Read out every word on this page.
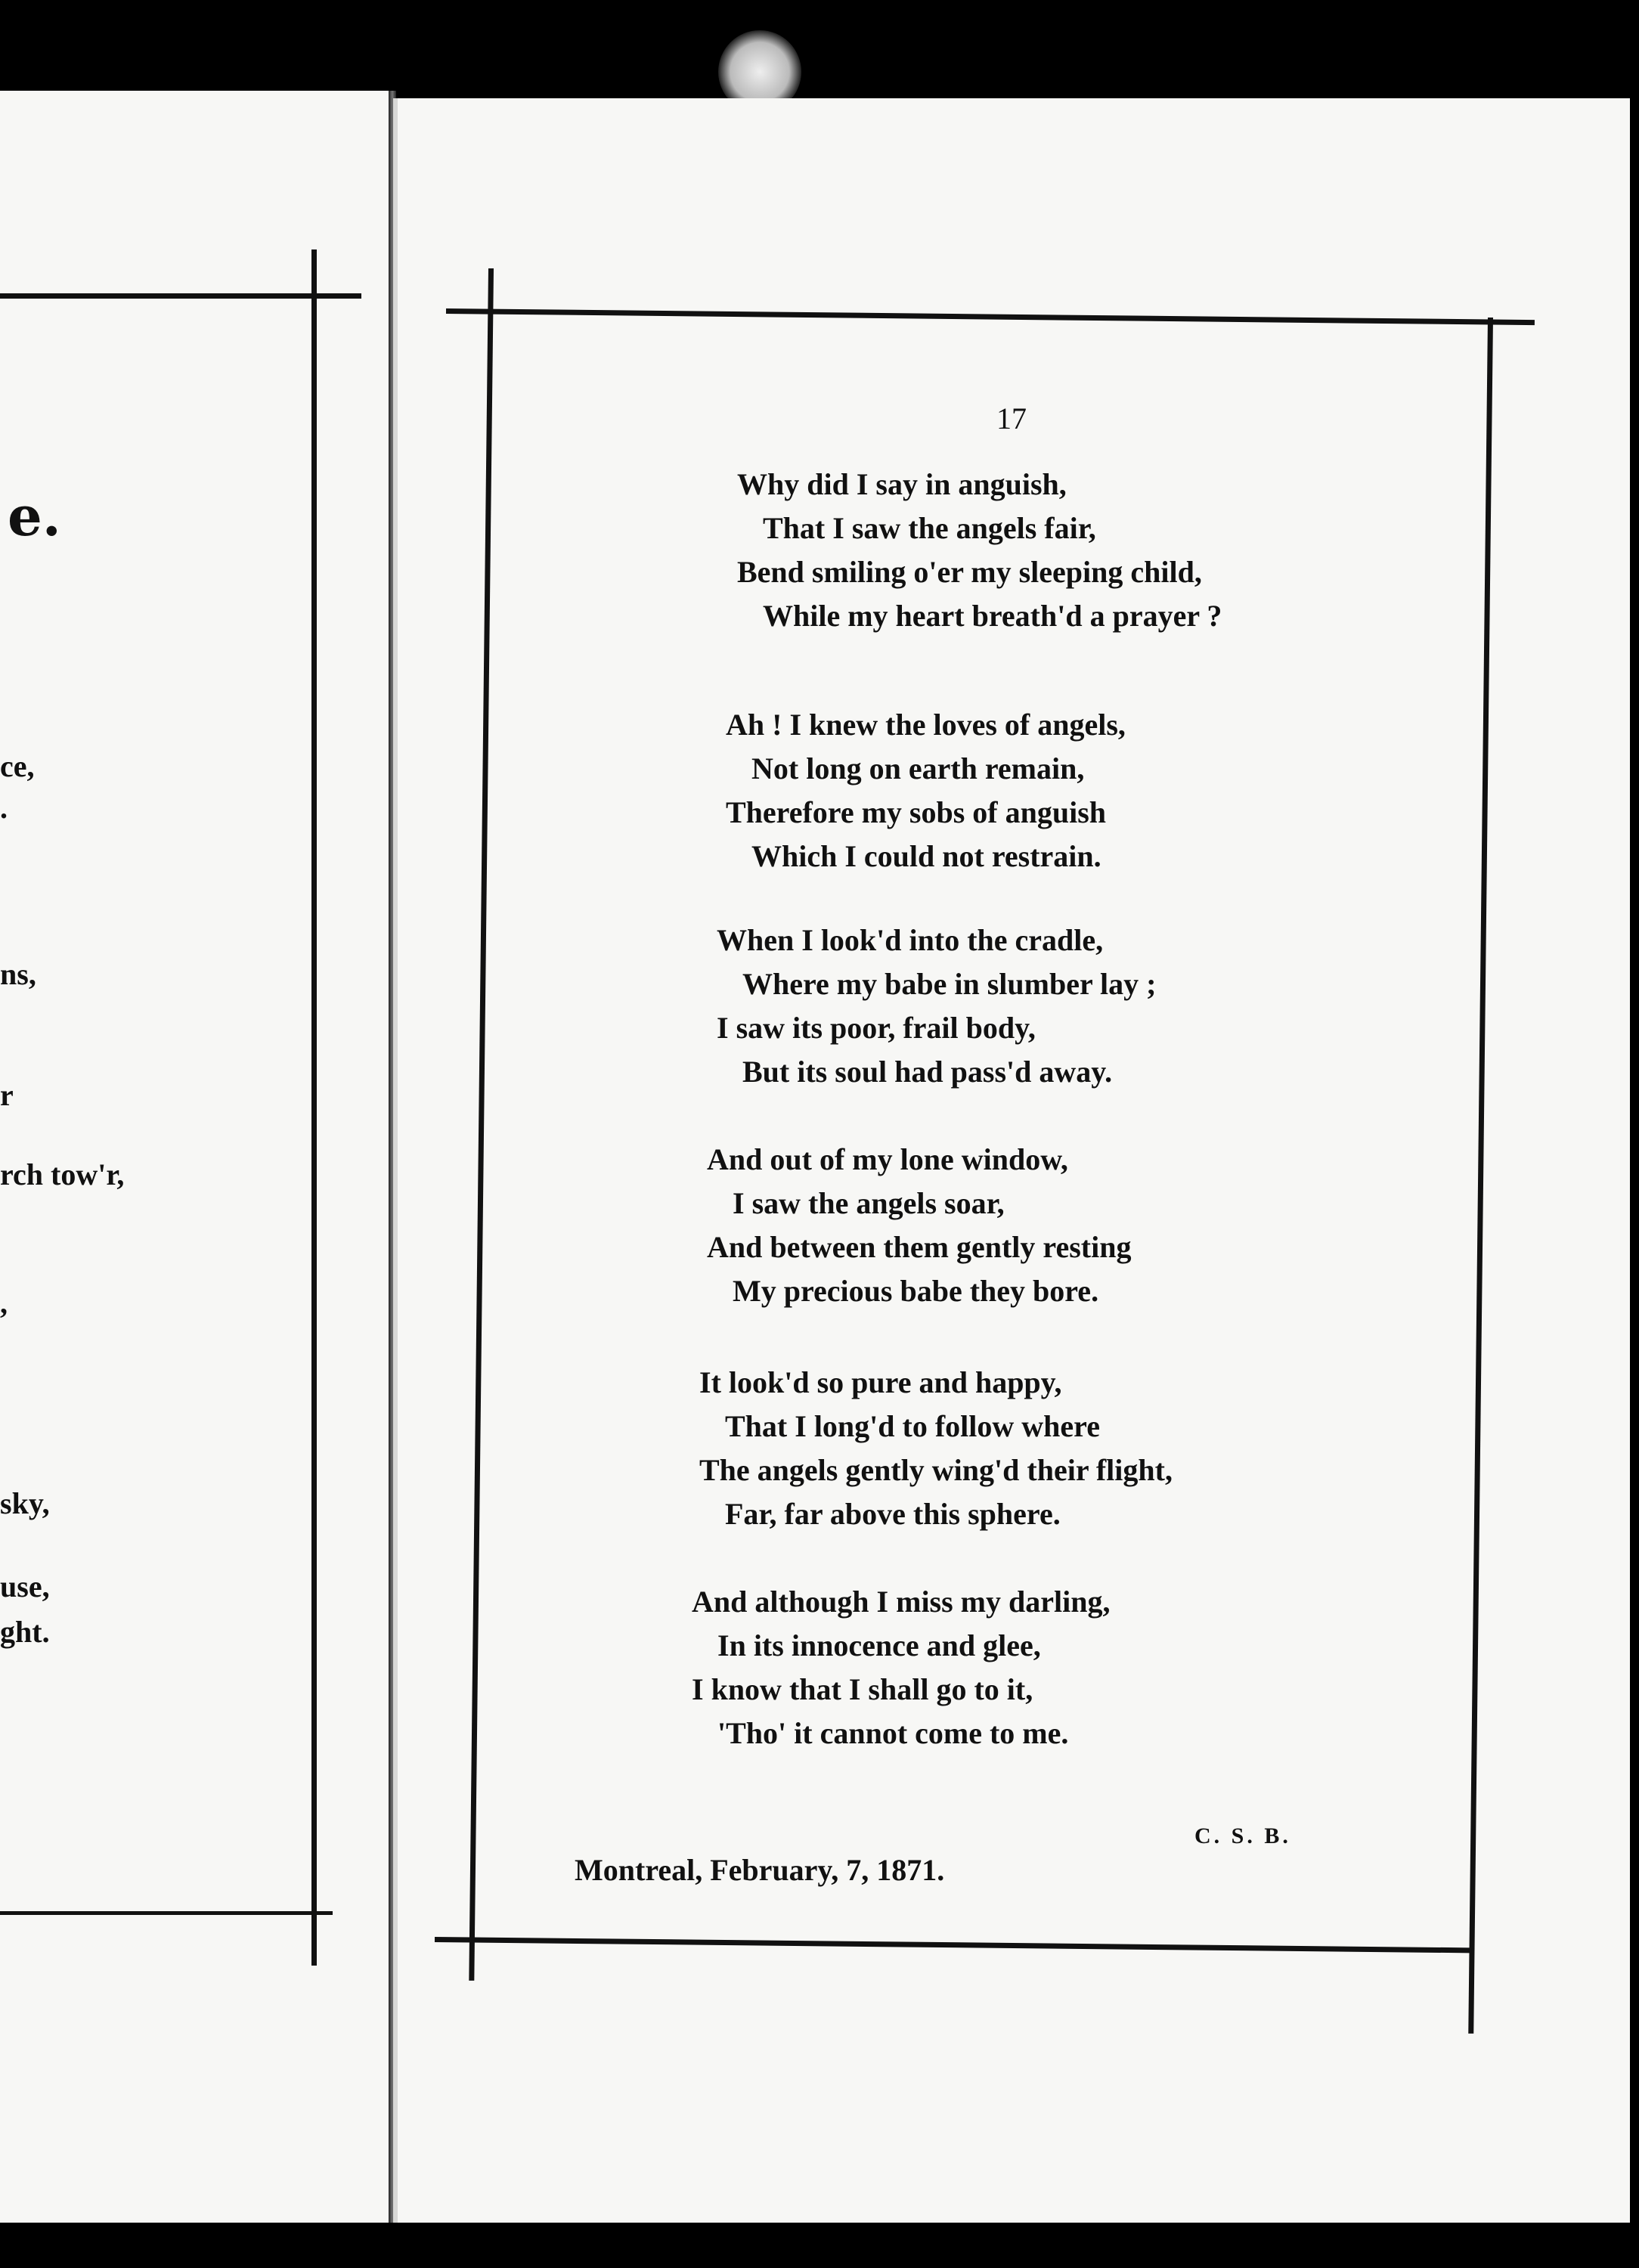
e.
ce,
.
ns,
r
rch tow'r,
,
sky,
use,
ght.
17
Why did I say in anguish,
That I saw the angels fair,
Bend smiling o'er my sleeping child,
While my heart breath'd a prayer ?
Ah ! I knew the loves of angels,
Not long on earth remain,
Therefore my sobs of anguish
Which I could not restrain.
When I look'd into the cradle,
Where my babe in slumber lay ;
I saw its poor, frail body,
But its soul had pass'd away.
And out of my lone window,
I saw the angels soar,
And between them gently resting
My precious babe they bore.
It look'd so pure and happy,
That I long'd to follow where
The angels gently wing'd their flight,
Far, far above this sphere.
And although I miss my darling,
In its innocence and glee,
I know that I shall go to it,
'Tho' it cannot come to me.
C. S. B.
Montreal, February, 7, 1871.
